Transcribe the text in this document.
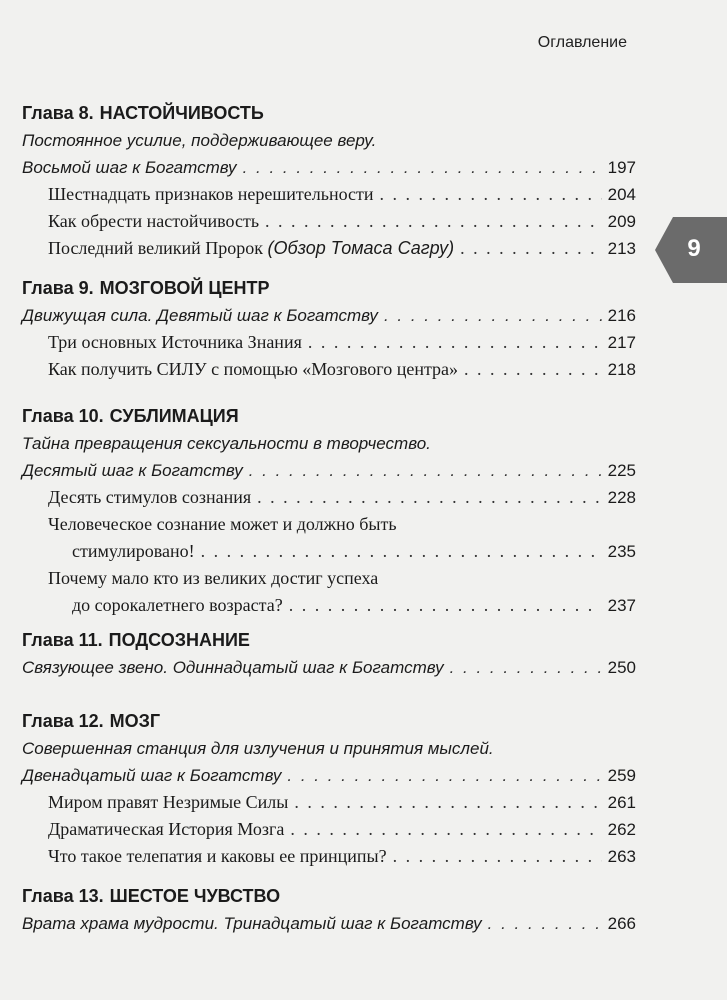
Оглавление
9
Глава 8. НАСТОЙЧИВОСТЬ
Постоянное усилие, поддерживающее веру.
Восьмой шаг к Богатству . . .	197
Шестнадцать признаков нерешительности . . .	204
Как обрести настойчивость . . .	209
Последний великий Пророк
(Обзор Томаса Сагру) . . .	213
Глава 9. МОЗГОВОЙ ЦЕНТР
Движущая сила. Девятый шаг к Богатству . . .	216
Три основных Источника Знания . . .	217
Как получить СИЛУ с помощью «Мозгового центра» . . .	218
Глава 10. СУБЛИМАЦИЯ
Тайна превращения сексуальности в творчество.
Десятый шаг к Богатству . . .	225
Десять стимулов сознания . . .	228
Человеческое сознание может и должно быть
стимулировано! . . .	235
Почему мало кто из великих достиг успеха
до сорокалетнего возраста? . . .	237
Глава 11. ПОДСОЗНАНИЕ
Связующее звено. Одиннадцатый шаг к Богатству . . .	250
Глава 12. МОЗГ
Совершенная станция для излучения и принятия мыслей.
Двенадцатый шаг к Богатству . . .	259
Миром правят Незримые Силы . . .	261
Драматическая История Мозга . . .	262
Что такое телепатия и каковы ее принципы? . . .	263
Глава 13. ШЕСТОЕ ЧУВСТВО
Врата храма мудрости. Тринадцатый шаг к Богатству . . .	266
